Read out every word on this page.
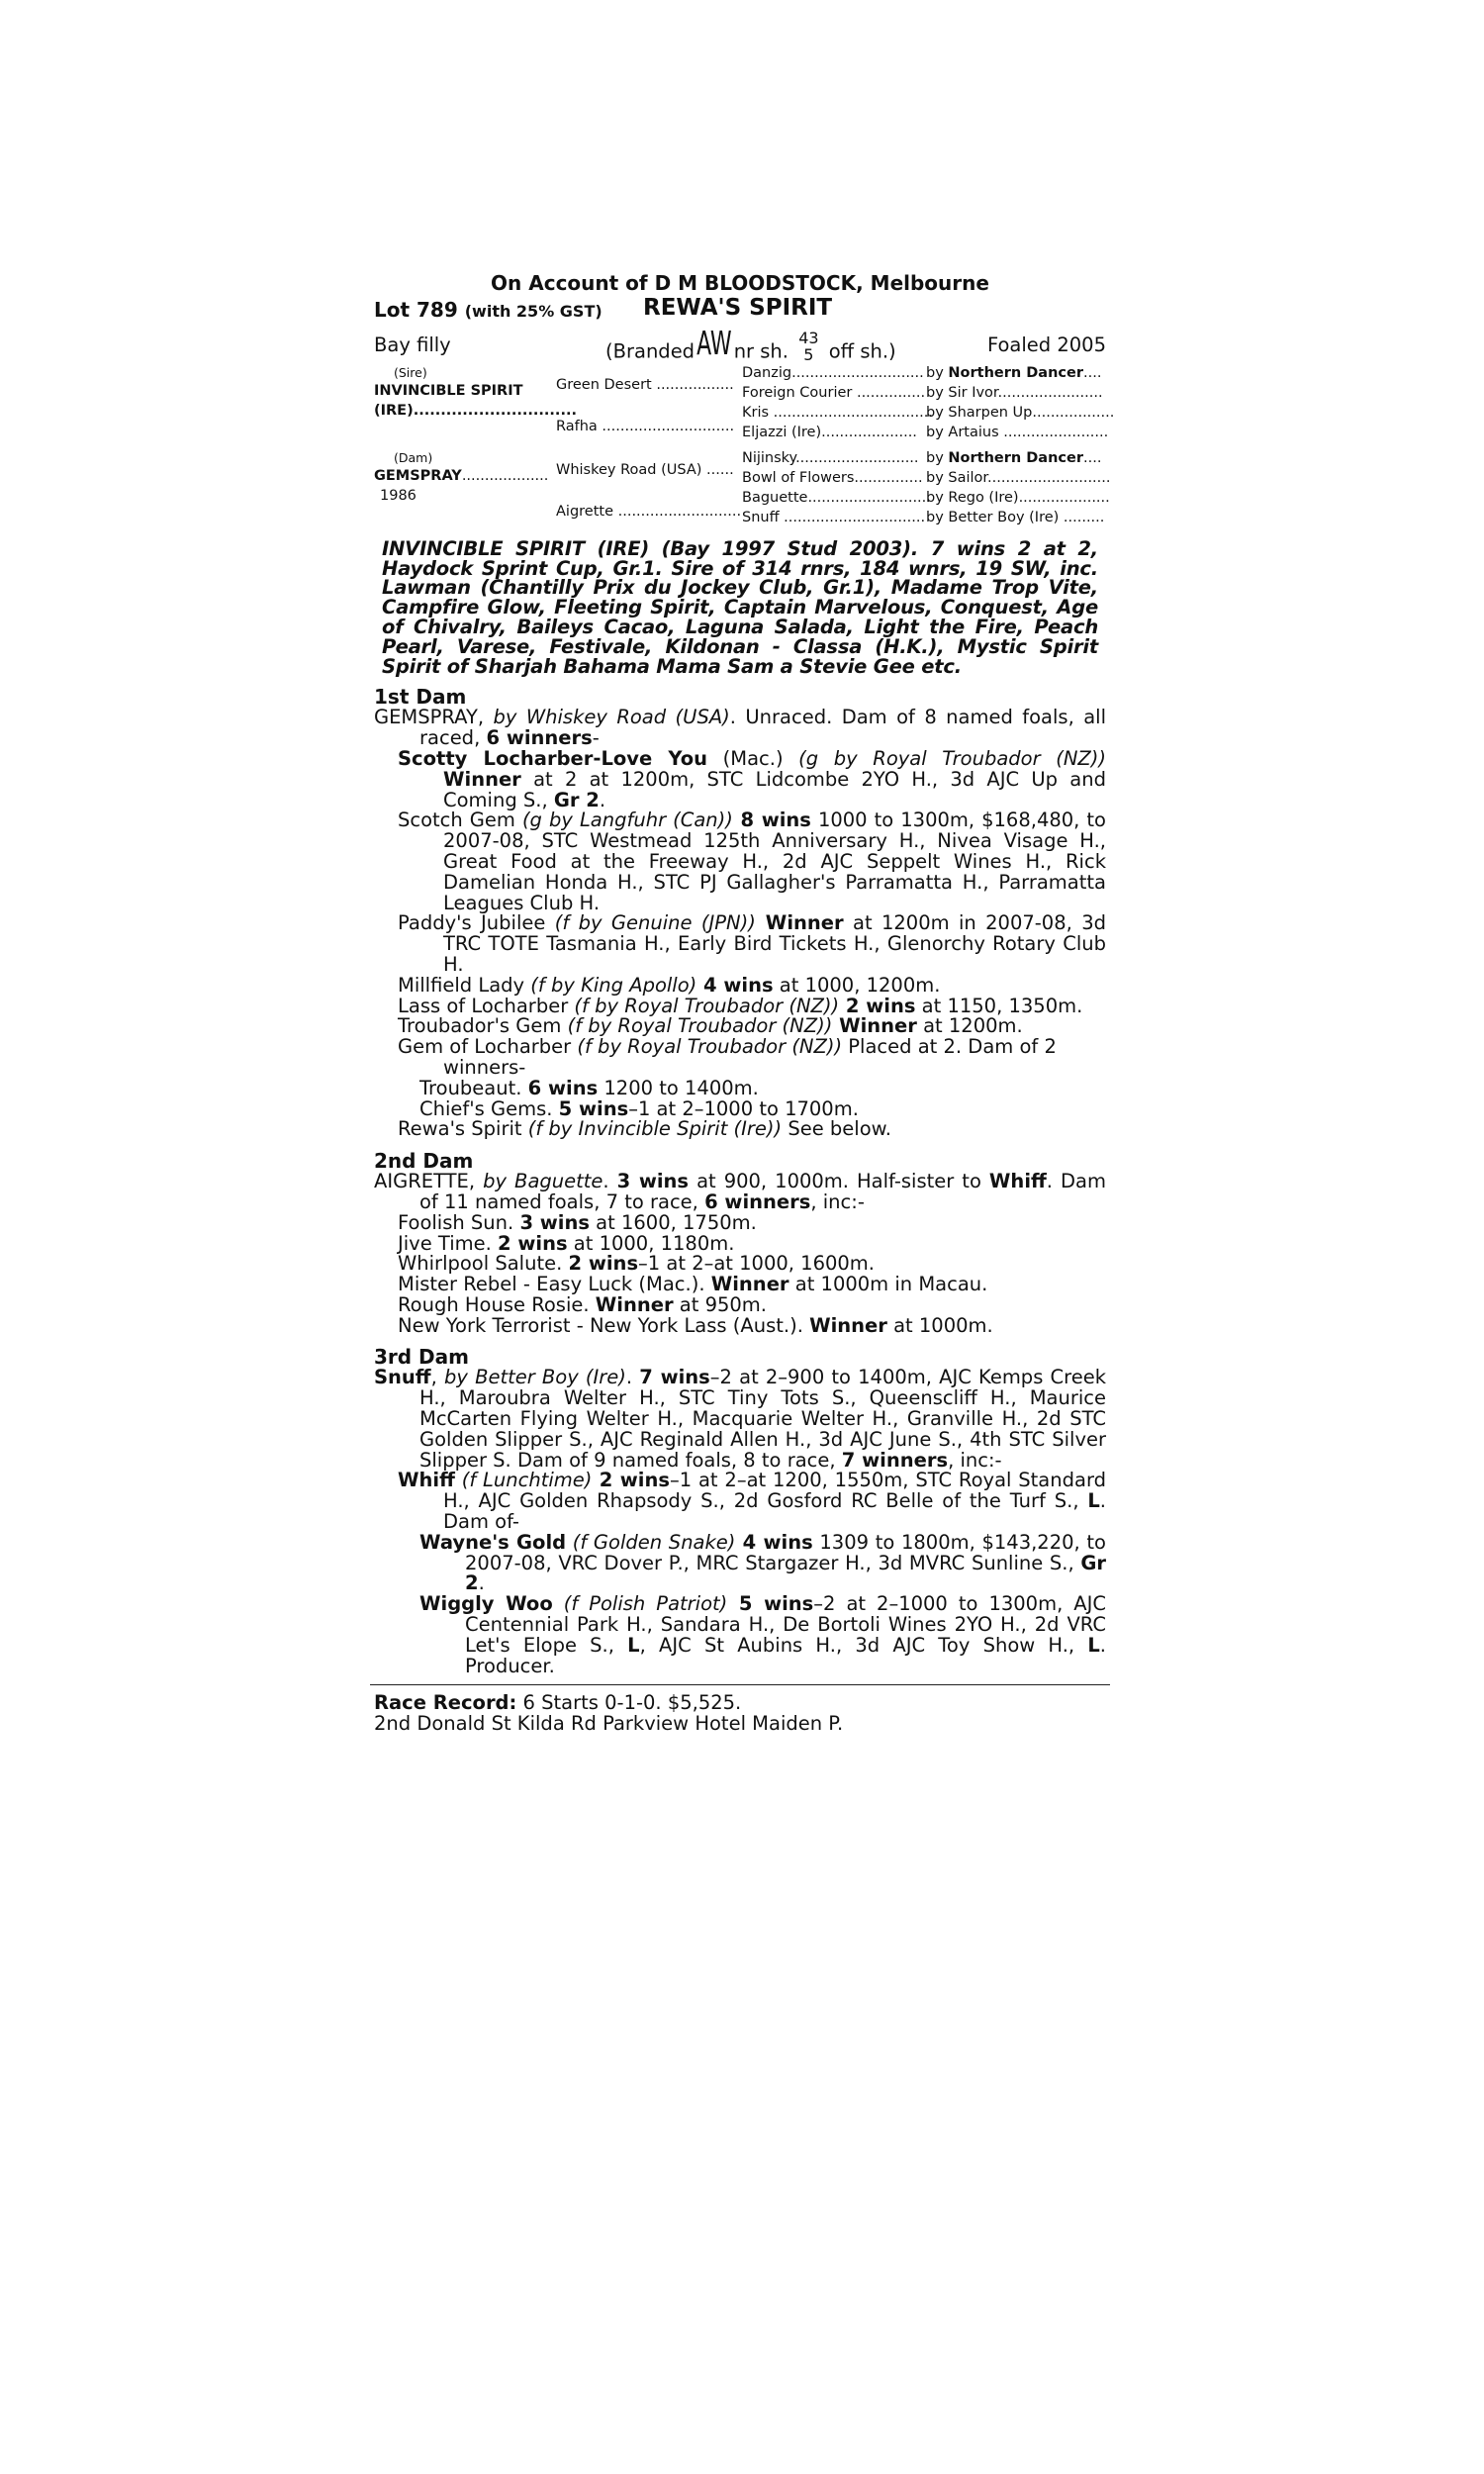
On Account of D M BLOODSTOCK, Melbourne
Lot 789 (with 25% GST) REWA'S SPIRIT
Bay filly	(BrandedAW nr sh. 43
5 off sh.)	Foaled 2005
(Sire)
INVINCIBLE SPIRIT
(IRE)..............................
(Dam)
GEMSPRAY...................
1986
Green Desert .................
Rafha .............................
Whiskey Road (USA) ......
Aigrette ...........................
Danzig.............................
Foreign Courier ...............
Kris ...................................
Eljazzi (Ire).....................
Nijinsky...........................
Bowl of Flowers...............
Baguette...........................
Snuff ...............................
by Northern Dancer....
by Sir Ivor.......................
by Sharpen Up..................
by Artaius .......................
by Northern Dancer....
by Sailor...........................
by Rego (Ire)....................
by Better Boy (Ire) .........
INVINCIBLE SPIRIT (IRE) (Bay 1997 Stud 2003). 7 wins 2 at 2, Haydock Sprint Cup, Gr.1. Sire of 314 rnrs, 184 wnrs, 19 SW, inc. Lawman (Chantilly Prix du Jockey Club, Gr.1), Madame Trop Vite, Campfire Glow, Fleeting Spirit, Captain Marvelous, Conquest, Age of Chivalry, Baileys Cacao, Laguna Salada, Light the Fire, Peach Pearl, Varese, Festivale, Kildonan - Classa (H.K.), Mystic Spirit Spirit of Sharjah Bahama Mama Sam a Stevie Gee etc.
1st Dam
GEMSPRAY, by Whiskey Road (USA). Unraced. Dam of 8 named foals, all raced, 6 winners-
Scotty Locharber-Love You (Mac.) (g by Royal Troubador (NZ)) Winner at 2 at 1200m, STC Lidcombe 2YO H., 3d AJC Up and Coming S., Gr 2.
Scotch Gem (g by Langfuhr (Can)) 8 wins 1000 to 1300m, $168,480, to 2007-08, STC Westmead 125th Anniversary H., Nivea Visage H., Great Food at the Freeway H., 2d AJC Seppelt Wines H., Rick Damelian Honda H., STC PJ Gallagher's Parramatta H., Parramatta Leagues Club H.
Paddy's Jubilee (f by Genuine (JPN)) Winner at 1200m in 2007-08, 3d TRC TOTE Tasmania H., Early Bird Tickets H., Glenorchy Rotary Club H.
Millfield Lady (f by King Apollo) 4 wins at 1000, 1200m.
Lass of Locharber (f by Royal Troubador (NZ)) 2 wins at 1150, 1350m.
Troubador's Gem (f by Royal Troubador (NZ)) Winner at 1200m.
Gem of Locharber (f by Royal Troubador (NZ)) Placed at 2. Dam of 2 winners-
Troubeaut. 6 wins 1200 to 1400m.
Chief's Gems. 5 wins–1 at 2–1000 to 1700m.
Rewa's Spirit (f by Invincible Spirit (Ire)) See below.
2nd Dam
AIGRETTE, by Baguette. 3 wins at 900, 1000m. Half-sister to Whiff. Dam of 11 named foals, 7 to race, 6 winners, inc:-
Foolish Sun. 3 wins at 1600, 1750m.
Jive Time. 2 wins at 1000, 1180m.
Whirlpool Salute. 2 wins–1 at 2–at 1000, 1600m.
Mister Rebel - Easy Luck (Mac.). Winner at 1000m in Macau.
Rough House Rosie. Winner at 950m.
New York Terrorist - New York Lass (Aust.). Winner at 1000m.
3rd Dam
Snuff, by Better Boy (Ire). 7 wins–2 at 2–900 to 1400m, AJC Kemps Creek H., Maroubra Welter H., STC Tiny Tots S., Queenscliff H., Maurice McCarten Flying Welter H., Macquarie Welter H., Granville H., 2d STC Golden Slipper S., AJC Reginald Allen H., 3d AJC June S., 4th STC Silver Slipper S. Dam of 9 named foals, 8 to race, 7 winners, inc:-
Whiff (f Lunchtime) 2 wins–1 at 2–at 1200, 1550m, STC Royal Standard H., AJC Golden Rhapsody S., 2d Gosford RC Belle of the Turf S., L. Dam of-
Wayne's Gold (f Golden Snake) 4 wins 1309 to 1800m, $143,220, to 2007-08, VRC Dover P., MRC Stargazer H., 3d MVRC Sunline S., Gr 2.
Wiggly Woo (f Polish Patriot) 5 wins–2 at 2–1000 to 1300m, AJC Centennial Park H., Sandara H., De Bortoli Wines 2YO H., 2d VRC Let's Elope S., L, AJC St Aubins H., 3d AJC Toy Show H., L. Producer.
Race Record: 6 Starts 0-1-0. $5,525.
2nd Donald St Kilda Rd Parkview Hotel Maiden P.
